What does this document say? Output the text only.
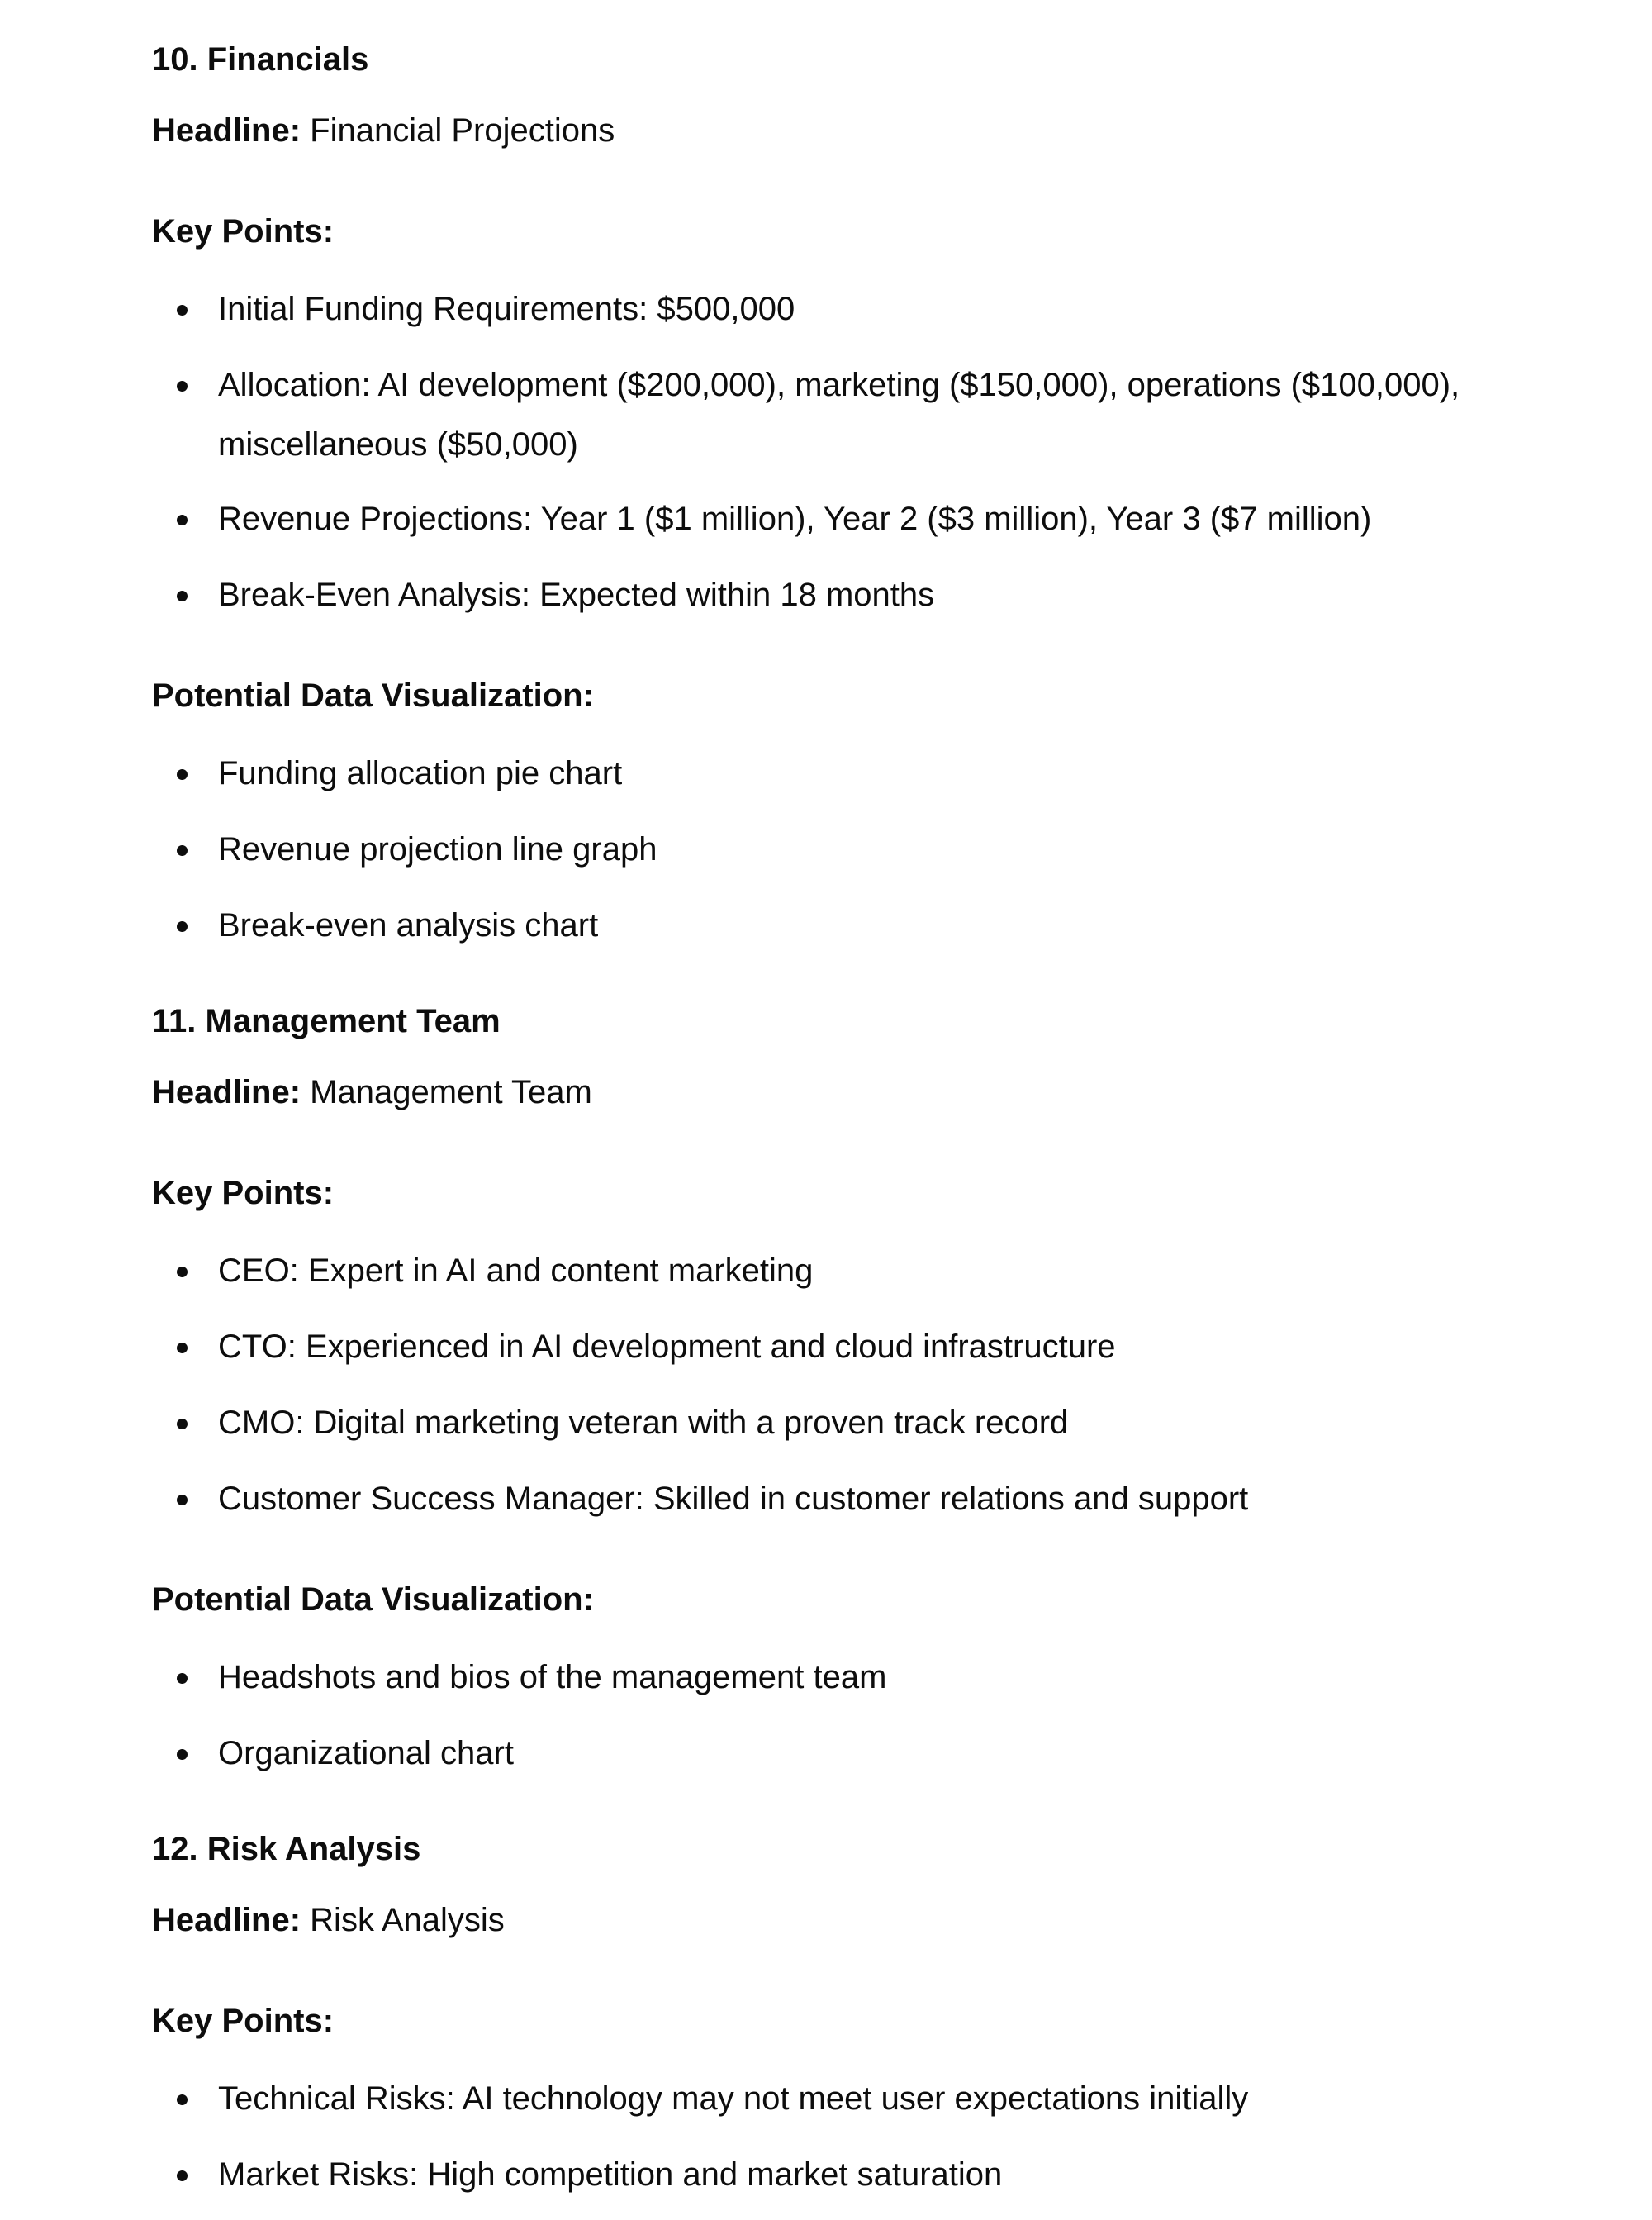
10. Financials
Headline: Financial Projections
Key Points:
Initial Funding Requirements: $500,000
Allocation: AI development ($200,000), marketing ($150,000), operations ($100,000), miscellaneous ($50,000)
Revenue Projections: Year 1 ($1 million), Year 2 ($3 million), Year 3 ($7 million)
Break-Even Analysis: Expected within 18 months
Potential Data Visualization:
Funding allocation pie chart
Revenue projection line graph
Break-even analysis chart
11. Management Team
Headline: Management Team
Key Points:
CEO: Expert in AI and content marketing
CTO: Experienced in AI development and cloud infrastructure
CMO: Digital marketing veteran with a proven track record
Customer Success Manager: Skilled in customer relations and support
Potential Data Visualization:
Headshots and bios of the management team
Organizational chart
12. Risk Analysis
Headline: Risk Analysis
Key Points:
Technical Risks: AI technology may not meet user expectations initially
Market Risks: High competition and market saturation
